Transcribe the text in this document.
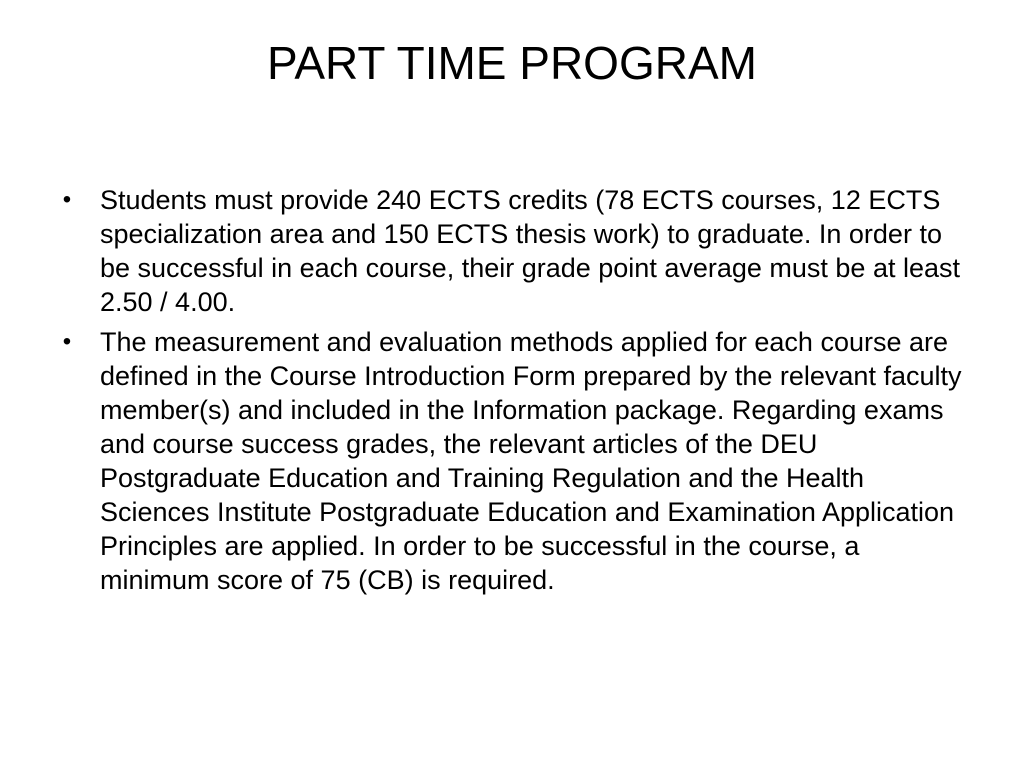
PART TIME PROGRAM
• Students must provide 240 ECTS credits (78 ECTS courses, 12 ECTS specialization area and 150 ECTS thesis work) to graduate. In order to be successful in each course, their grade point average must be at least 2.50 / 4.00.
• The measurement and evaluation methods applied for each course are defined in the Course Introduction Form prepared by the relevant faculty member(s) and included in the Information package. Regarding exams and course success grades, the relevant articles of the DEU Postgraduate Education and Training Regulation and the Health Sciences Institute Postgraduate Education and Examination Application Principles are applied. In order to be successful in the course, a minimum score of 75 (CB) is required.
